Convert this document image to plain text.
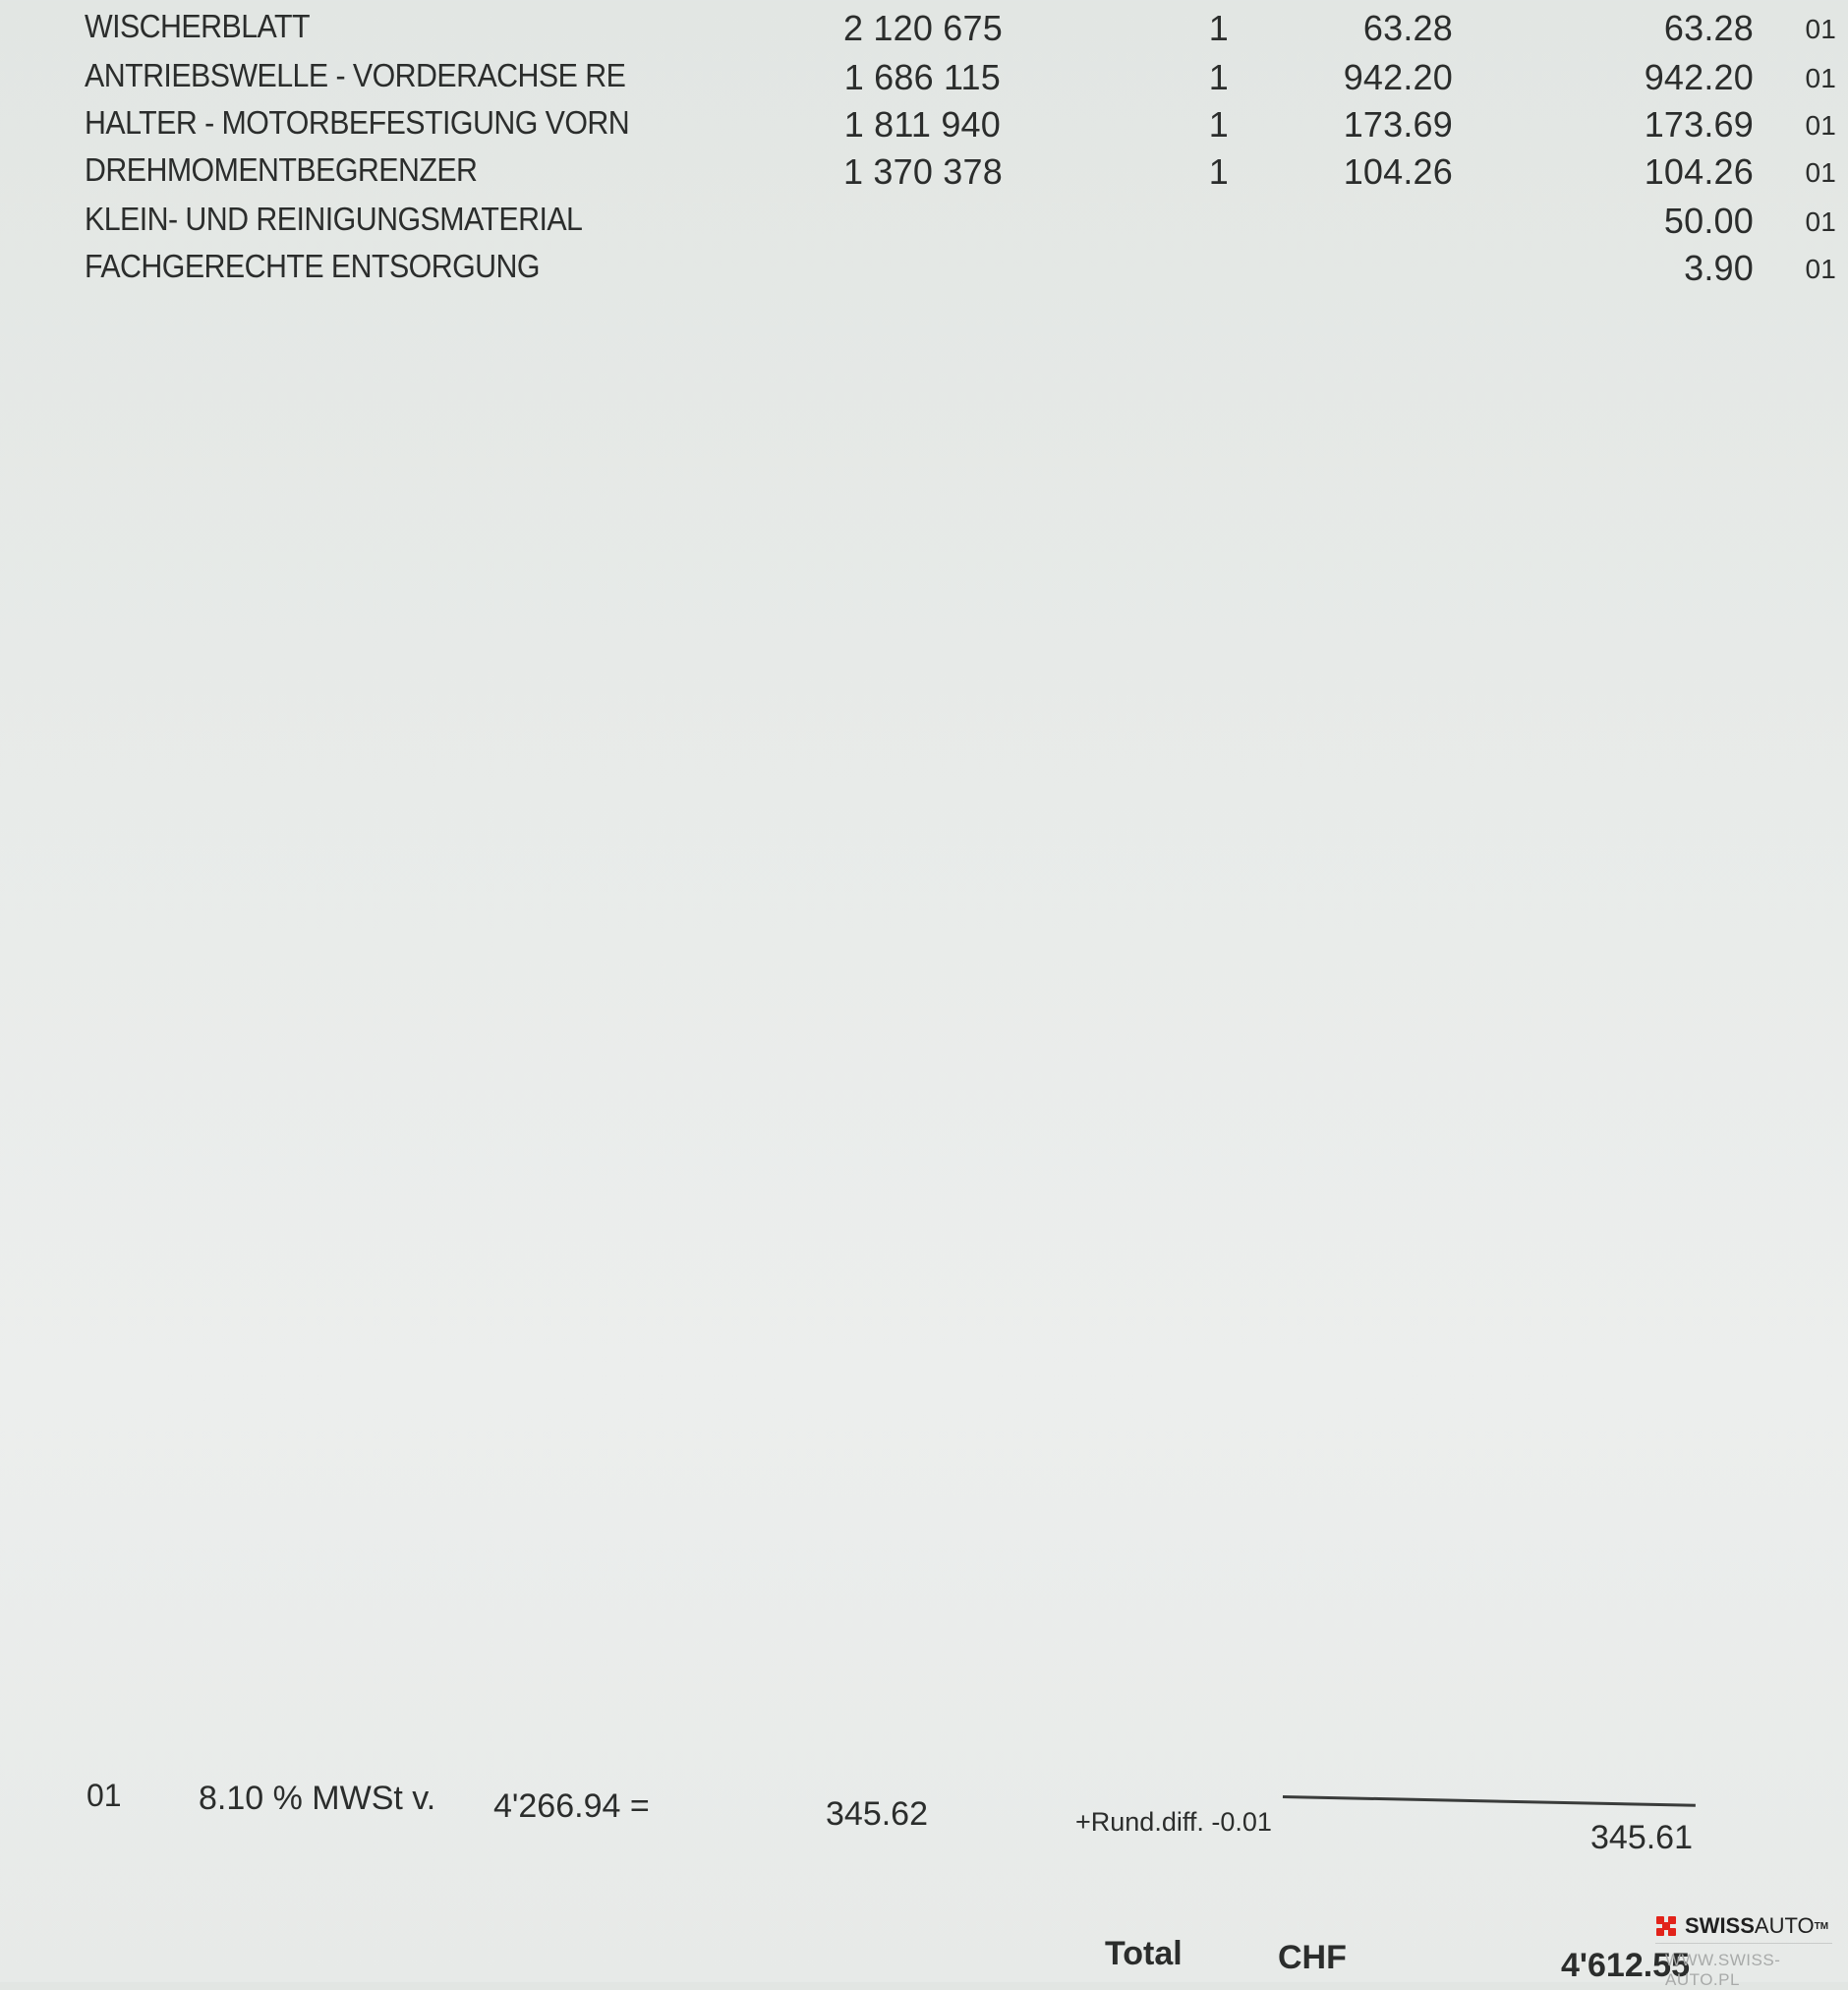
WISCHERBLATT	2 120 675	1	63.28	63.28	01
ANTRIEBSWELLE - VORDERACHSE RE	1 686 115	1	942.20	942.20	01
HALTER - MOTORBEFESTIGUNG VORN	1 811 940	1	173.69	173.69	01
DREHMOMENTBEGRENZER	1 370 378	1	104.26	104.26	01
KLEIN- UND REINIGUNGSMATERIAL	50.00	01
FACHGERECHTE ENTSORGUNG	3.90	01
01 8.10 % MWSt v. 4'266.94 =	345.62	+Rund.diff. -0.01	345.61
Total	CHF	4'612.55
SWISS AUTO TM
WWW.SWISS-AUTO.PL
